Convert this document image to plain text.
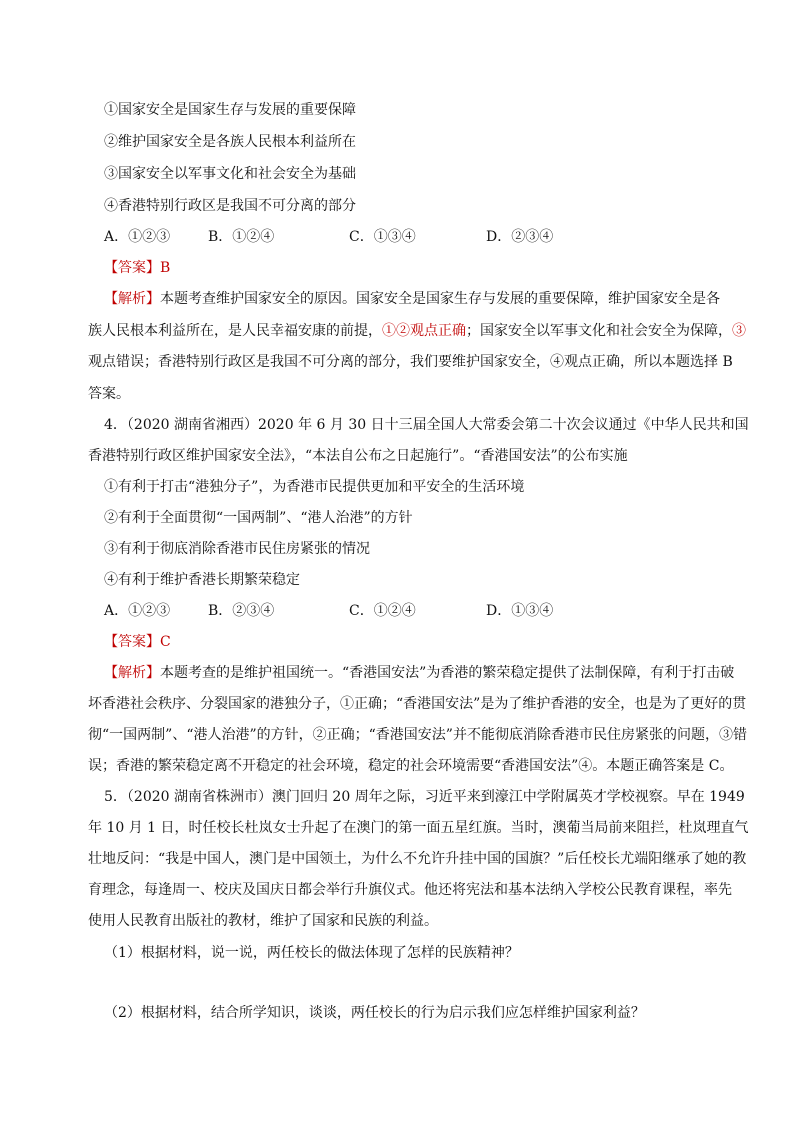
①国家安全是国家生存与发展的重要保障
②维护国家安全是各族人民根本利益所在
③国家安全以军事文化和社会安全为基础
④香港特别行政区是我国不可分离的部分
A．①②③	B．①②④	C．①③④	D．②③④
【答案】B
【解析】本题考查维护国家安全的原因。国家安全是国家生存与发展的重要保障，维护国家安全是各
族人民根本利益所在，是人民幸福安康的前提，①②观点正确；国家安全以军事文化和社会安全为保障，③
观点错误；香港特别行政区是我国不可分离的部分，我们要维护国家安全，④观点正确，所以本题选择 B
答案。
4．（2020 湖南省湘西）2020 年 6 月 30 日十三届全国人大常委会第二十次会议通过《中华人民共和国
香港特别行政区维护国家安全法》，“本法自公布之日起施行”。“香港国安法”的公布实施
①有利于打击“港独分子”，为香港市民提供更加和平安全的生活环境
②有利于全面贯彻“一国两制”、“港人治港”的方针
③有利于彻底消除香港市民住房紧张的情况
④有利于维护香港长期繁荣稳定
A．①②③	B．②③④	C．①②④	D．①③④
【答案】C
【解析】本题考查的是维护祖国统一。“香港国安法”为香港的繁荣稳定提供了法制保障，有利于打击破
坏香港社会秩序、分裂国家的港独分子，①正确；“香港国安法”是为了维护香港的安全，也是为了更好的贯
彻“一国两制”、“港人治港”的方针，②正确；“香港国安法”并不能彻底消除香港市民住房紧张的问题，③错
误；香港的繁荣稳定离不开稳定的社会环境，稳定的社会环境需要“香港国安法”④。本题正确答案是 C。
5．（2020 湖南省株洲市）澳门回归 20 周年之际，习近平来到濠江中学附属英才学校视察。早在 1949
年 10 月 1 日，时任校长杜岚女士升起了在澳门的第一面五星红旗。当时，澳葡当局前来阻拦，杜岚理直气
壮地反问：“我是中国人，澳门是中国领土，为什么不允许升挂中国的国旗？”后任校长尤端阳继承了她的教
育理念，每逢周一、校庆及国庆日都会举行升旗仪式。他还将宪法和基本法纳入学校公民教育课程，率先
使用人民教育出版社的教材，维护了国家和民族的利益。
（1）根据材料，说一说，两任校长的做法体现了怎样的民族精神？
（2）根据材料，结合所学知识，谈谈，两任校长的行为启示我们应怎样维护国家利益？
